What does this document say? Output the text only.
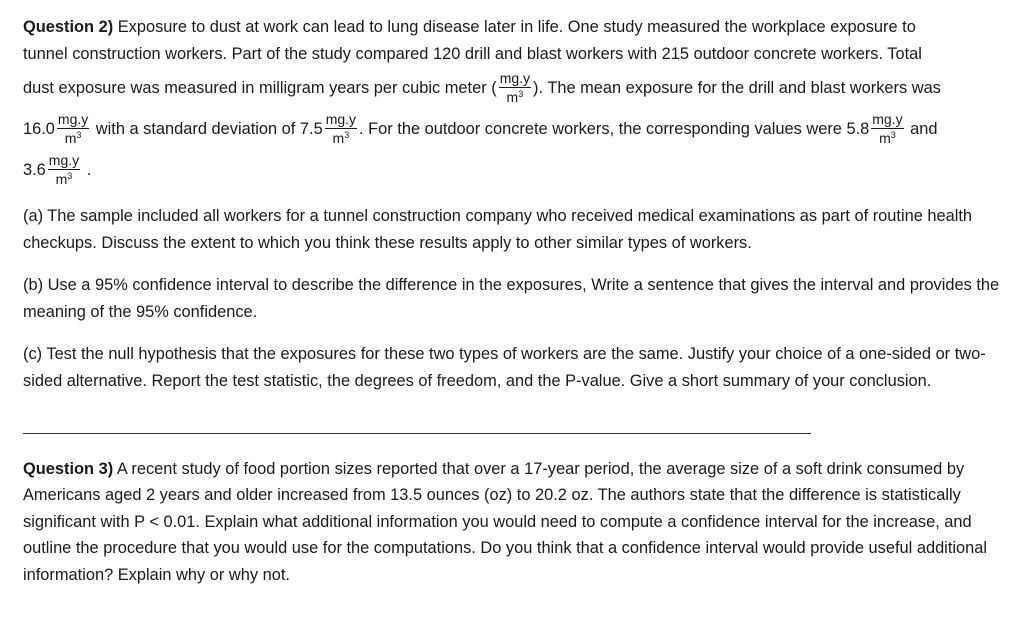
Question 2) Exposure to dust at work can lead to lung disease later in life. One study measured the workplace exposure to
tunnel construction workers. Part of the study compared 120 drill and blast workers with 215 outdoor concrete workers. Total
dust exposure was measured in milligram years per cubic meter ( $\frac{mg.y}{m^3}$ ). The mean exposure for the drill and blast workers was
$16.0 \frac{mg.y}{m^3}$ with a standard deviation of $7.5 \frac{mg.y}{m^3}$ . For the outdoor concrete workers, the corresponding values were $5.8 \frac{mg.y}{m^3}$ and
$3.6 \frac{mg.y}{m^3}$ .
(a) The sample included all workers for a tunnel construction company who received medical examinations as part of routine health checkups. Discuss the extent to which you think these results apply to other similar types of workers.
(b) Use a 95% confidence interval to describe the difference in the exposures, Write a sentence that gives the interval and provides the meaning of the 95% confidence.
(c) Test the null hypothesis that the exposures for these two types of workers are the same. Justify your choice of a one-sided or two-sided alternative. Report the test statistic, the degrees of freedom, and the P-value. Give a short summary of your conclusion.
Question 3) A recent study of food portion sizes reported that over a 17-year period, the average size of a soft drink consumed by Americans aged 2 years and older increased from 13.5 ounces (oz) to 20.2 oz. The authors state that the difference is statistically significant with P < 0.01. Explain what additional information you would need to compute a confidence interval for the increase, and outline the procedure that you would use for the computations. Do you think that a confidence interval would provide useful additional information? Explain why or why not.
